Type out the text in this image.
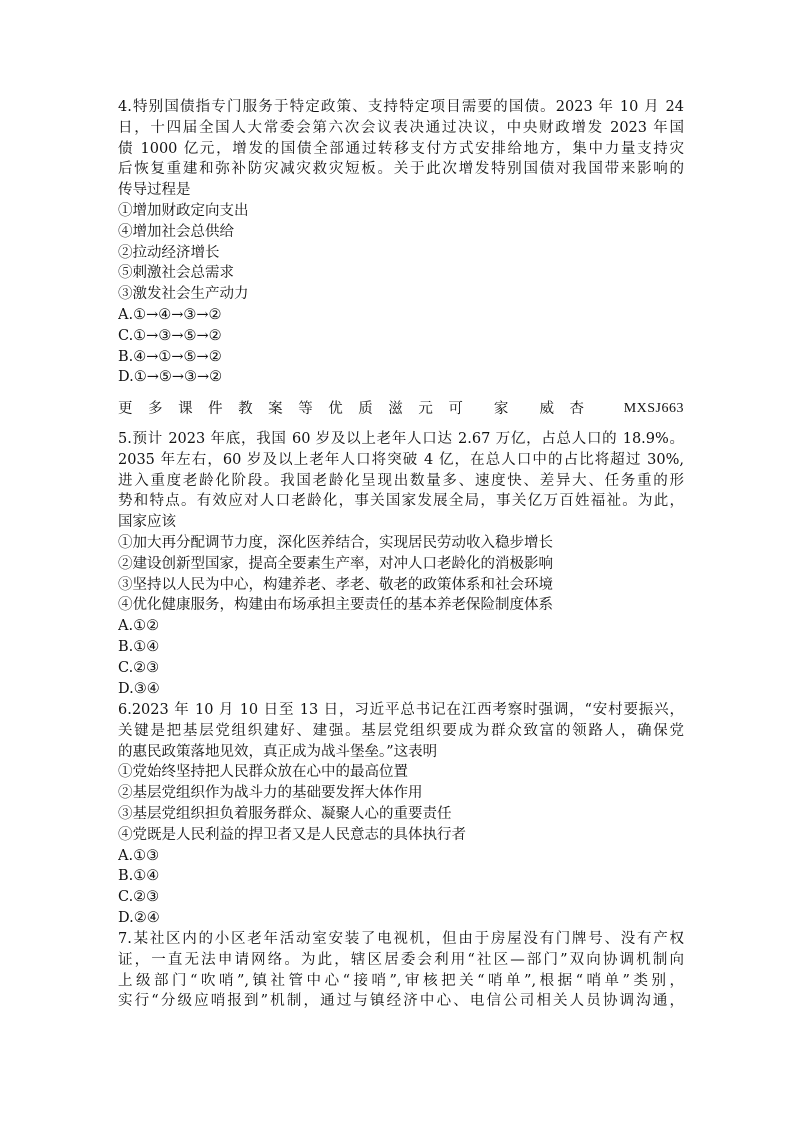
4.特别国债指专门服务于特定政策、支持特定项目需要的国债。2023 年 10 月 24
日，十四届全国人大常委会第六次会议表决通过决议，中央财政增发 2023 年国
债 1000 亿元，增发的国债全部通过转移支付方式安排给地方，集中力量支持灾
后恢复重建和弥补防灾减灾救灾短板。关于此次增发特别国债对我国带来影响的
传导过程是
①增加财政定向支出
④增加社会总供给
②拉动经济增长
⑤刺激社会总需求
③激发社会生产动力
A.①→④→③→②
C.①→③→⑤→②
B.④→①→⑤→②
D.①→⑤→③→②
更 多 课 件 教 案 等 优 质 滋 元 可 家 威 杏	MXSJ663
5.预计 2023 年底，我国 60 岁及以上老年人口达 2.67 万亿，占总人口的 18.9%。
2035 年左右，60 岁及以上老年人口将突破 4 亿，在总人口中的占比将超过 30%,
进入重度老龄化阶段。我国老龄化呈现出数量多、速度快、差异大、任务重的形
势和特点。有效应对人口老龄化，事关国家发展全局，事关亿万百姓福祉。为此，
国家应该
①加大再分配调节力度，深化医养结合，实现居民劳动收入稳步增长
②建设创新型国家，提高全要素生产率，对冲人口老龄化的消极影响
③坚持以人民为中心，构建养老、孝老、敬老的政策体系和社会环境
④优化健康服务，构建由布场承担主要责任的基本养老保险制度体系
A.①②
B.①④
C.②③
D.③④
6.2023 年 10 月 10 日至 13 日，习近平总书记在江西考察时强调，“安村要振兴，
关键是把基层党组织建好、建强。基层党组织要成为群众致富的领路人，确保党
的惠民政策落地见效，真正成为战斗堡垒。”这表明
①党始终坚持把人民群众放在心中的最高位置
②基层党组织作为战斗力的基础要发挥大体作用
③基层党组织担负着服务群众、凝聚人心的重要责任
④党既是人民利益的捍卫者又是人民意志的具体执行者
A.①③
B.①④
C.②③
D.②④
7.某社区内的小区老年活动室安装了电视机，但由于房屋没有门牌号、没有产权
证，一直无法申请网络。为此，辖区居委会利用“社区—部门”双向协调机制向
上级部门“吹哨”,镇社管中心“接哨”,审核把关“哨单”,根据“哨单”类别，
实行“分级应哨报到”机制，通过与镇经济中心、电信公司相关人员协调沟通，
